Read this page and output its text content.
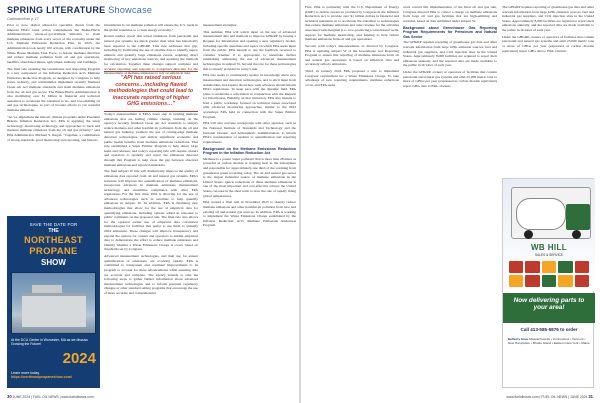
SPRING LITERATURE Showcase
Continued from p. 17

Prior to now, digital alloted-for specialist clients from the inherent EPA's latest action complements the Biden-Harris Administration's whole-of-government initiative to slash methane emissions from every sector of the economy under the U.S. Methane Emissions Reduction Plan. In 2023, the Administration took nearly 100 actions, with coordination by the White House Methane Task Force, to bolster methane detection and reduce methane pollution from oil and gas operations, landfills, abandoned mines, agriculture, industry, and buildings.

The final rule updating the Greenhouse Gas Reporting Program is a key component of the Inflation Reduction Act's Methane Emissions Reduction Program, as designed by Congress to help states, industry, and communities implement recently finalized Clean Air Act methane standards and slash methane emissions from the oil and gas sector. The Biden-Harris Administration is also mobilizing over $1 billion in financial and technical assistance to accelerate the transition to no- and low-emitting oil and gas technologies, as part of broader efforts to cut wasteful methane emissions.

"As we implement the historic climate programs under President Biden's Inflation Reduction Act, EPA is applying the latest technology, monitoring technology, and approaches to track and measure methane emissions from the oil and gas industry," said EPA Administrator Michael S. Regan. "Together, a combination of strong standards, good monitoring and reporting, and historic

investments to cut methane pollution will ensure the U.S. leads in the global transition to a clean energy economy."

Recent studies reveal that actual emissions from petroleum and natural gas systems are much greater than what has historically been reported to the GHGRP. This rule addresses that gap, including by facilitating the use of satellite data to identify super-emitters and quantify large emissions events, requiring direct monitoring of key emissions sources, and updating the methods for calculation. Together these changes support complete and accurate reporting and respond to Congress's directive for the measurement of methane emissions to rely on empirical data.

"API has raised serious concerns…including flawed methodologies that could lead to inaccurate reporting of higher GHG emissions…"

Today's announcement is EPA's latest step in tackling methane emissions that are fueling climate change, building on the agency's recently finalized Clean Air Act standards to sharply reduce methane and other harmful air pollutants from the oil and natural gas industry, promote the use of cutting-edge methane detection technologies, and deliver significant economic and public health benefits from methane emissions reductions. That rule established a Super Emitter Program to help detect large leaks and releases, and today's reporting rule will require owners and operators to quantify and report the emissions detected through that Program to help close the gap between observed methane emissions and reported emissions.

The final subpart W rule will dramatically improve the quality of emissions data reported from oil and natural gas systems. EPA's revisions will improve the quantification of methane emissions, incorporate advances in methane emissions measurement technology, and streamline compliance with other EPA regulations. For the first time, EPA is allowing for the use of advanced technologies such as satellites to help quantify emissions in subpart W. In addition, EPA is finalizing new methodologies that allow for the use of empirical data for quantifying emissions, including options added in response to public comments on the proposed rule. The final rule also allows for the optional earlier use of empirical data calculation methodologies for facilities that prefer to use them to quantify 2024 emissions. These changes will improve transparency and expand the options for owners and operators to submit empirical data to demonstrate the effort to reduce methane emissions and identify whether a Waste Emissions Charge is owed, based on thresholds set by Congress.

Advanced measurement technologies, and their use for annual quantification of emissions, are evolving rapidly. EPA is committed to transparent and continual improvements to its program to account for these advancements while ensuring data are accurate and complete. The agency intends to take the following steps to gather further information about advanced measurement technologies and to inform potential regulatory changes or other standard setting programs that encourage the use of more accurate and comprehensive

measurement strategies:

This summer, EPA will solicit input on the use of advanced measurement data and methods to improve GHGRP by issuing a Request for Information and opening a new regulatory docket, including specific questions and topics on which EPA seeks input from the public. EPA intends to use the feedback received to consider whether it is appropriate to undertake further rulemaking addressing the use of advanced measurement technologies in subpart W, beyond the role for these technologies that is already provided in today's rule.

EPA also seeks to continuously update its knowledge about new measurement and detection technologies, and to elicit input from stakeholders and experts about how such advances should inform EPA's regulations. To keep pace with the dynamic field, EPA plans to undertake a solicitation in conjunction with the Request for Information. Building on that invitation, EPA also intends to hold a public workshop focused on technical issues associated with advanced monitoring approaches, similar to the 2023 workshops EPA held in connection with the Super Emitter Program.

EPA will also convene workgroups with other agencies, such as the National Institute of Standards and Technology and the National Oceanic and Atmospheric Administration, to inform EPA's consideration of updates to quantification and reporting requirements.

Background on the Methane Emissions Reduction Program in the Inflation Reduction Act

Methane is a potent 'super pollutant' that is more than 28 times as powerful as carbon dioxide at trapping heat in the atmosphere and responsible for approximately one third of the warming from greenhouse gases occurring today. The oil and natural gas sector is the largest industrial source of methane emissions in the United States. Quick reductions of these methane emissions is one of the most important and cost-effective actions the United States can take in the short term to slow the rate of rapidly rising global temperatures.

EPA created a final rule in November 2023 to sharply reduce methane emissions and other harmful air pollution from new and existing oil and natural gas sources. In addition, EPA is working to implement the Waste Emissions Charge established by the Inflation Reduction Act's Methane Emissions Reduction Program.

First, EPA is partnering with the U.S. Department of Energy (DOE) to deliver resources provided by Congress in the Inflation Reduction Act to provide over $1 billion dollars in financial and technical assistance in to accelerate the transition to technologies that reduce methane emissions and raise revenue for the activities associated with marginal (i.e., low-producing) conventional wells, support for methane monitoring, and funding to help reduce methane emissions from oil and gas operations.

Second, with today's announcement, as directed by Congress, EPA is updating subpart W of the Greenhouse Gas Reporting Program to ensure that reporting of methane emissions from oil and natural gas operations is based on empirical data and accurately reflects emissions.

Third, in January 2024 EPA proposed a rule to implement Congress' requirement for a Waste Emissions Charge. To take advantage of new reporting requirements, methane reductions occur, and EPA seeks

work toward full implementation of the final oil and gas rule, Congress directed EPA to collect a charge on methane emissions from large oil and gas facilities that are high-emitting and wasteful, based on data submitted under subpart W.

Background about Greenhouse Gas Reporting Program Requirements for Petroleum and Natural Gas Sector

The GHGRP requires reporting of greenhouse gas data and other relevant information from large GHG emission sources, fuel and industrial gas suppliers, and CO2 injection sites in the United States. Approximately 8,000 facilities are required to report their emissions annually, and the reported data are made available to the public in October of each year.

Under the GHGRP, owners or operators of facilities that contain petroleum and natural gas systems and emit 25,000 metric tons or more of GHGs per year (expressed as carbon dioxide equivalent) report GHG data to EPA. Owners

The GHGRP requires reporting of greenhouse gas data and other relevant information from large GHG emission sources, fuel and industrial gas suppliers, and CO2 injection sites in the United States. Approximately 8,000 facilities are required to report their emissions annually, and the reported data are made available to the public in October of each year.

Under the GHGRP, owners or operators of facilities that contain petroleum and natural gas systems and emit 25,000 metric tons or more of GHGs per year (expressed as carbon dioxide equivalent) report GHG data to EPA. Owners

SAVE THE DATE FOR
THE
NORTHEAST
PROPANE
SHOW
At the DCU Center in Worcester, MA as we discuss Growing the Future!
2024
Learn more today
https://northeastpropaneshow.com/
WB HILL
SALES & SERVICE
Now delivering parts to your area!
Call 413-585-5876 to order
Delivery Area: Massachusetts • Connecticut • Vermont • New Hampshire • Rhode Island • Eastern New York • Maine
30 JUNE 2024 | FUEL OIL NEWS | www.fueloilnews.com	www.fueloilnews.com | FUEL OIL NEWS | JUNE 2024 31
